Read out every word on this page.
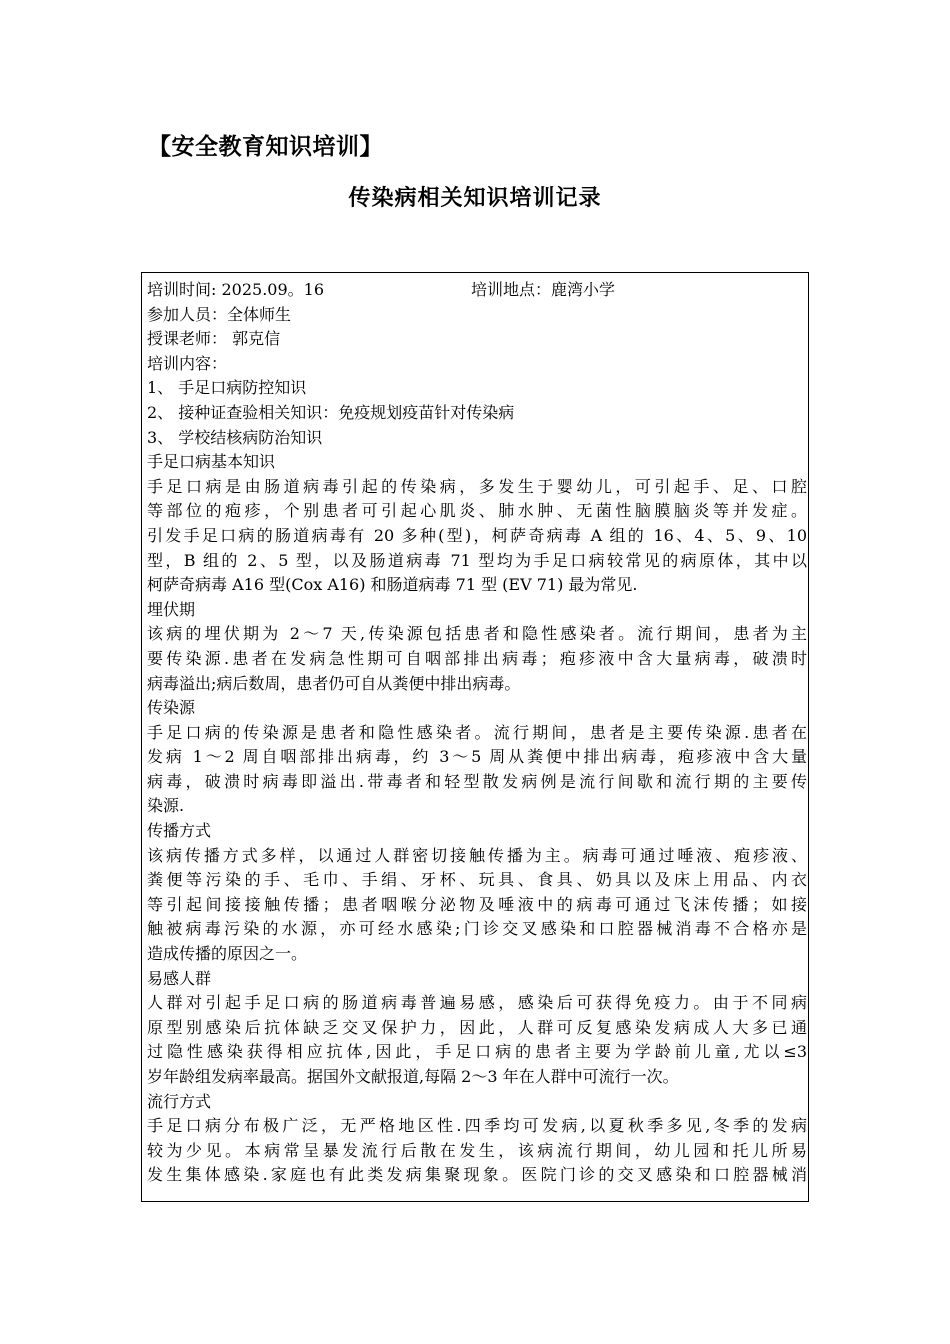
【安全教育知识培训】
传染病相关知识培训记录
培训时间: 2025.09。16	培训地点：鹿湾小学
参加人员：全体师生
授课老师： 郭克信
培训内容：
1、 手足口病防控知识
2、 接种证查验相关知识：免疫规划疫苗针对传染病
3、 学校结核病防治知识
手足口病基本知识
手足口病是由肠道病毒引起的传染病，多发生于婴幼儿，可引起手、足、口腔
等部位的疱疹，个别患者可引起心肌炎、肺水肿、无菌性脑膜脑炎等并发症。
引发手足口病的肠道病毒有 20 多种(型)，柯萨奇病毒 A 组的 16、4、5、9、10
型，B 组的 2、5 型，以及肠道病毒 71 型均为手足口病较常见的病原体，其中以
柯萨奇病毒 A16 型(Cox A16) 和肠道病毒 71 型 (EV 71) 最为常见.
埋伏期
该病的埋伏期为 2～7 天,传染源包括患者和隐性感染者。流行期间，患者为主
要传染源.患者在发病急性期可自咽部排出病毒；疱疹液中含大量病毒，破溃时
病毒溢出;病后数周，患者仍可自从粪便中排出病毒。
传染源
手足口病的传染源是患者和隐性感染者。流行期间，患者是主要传染源.患者在
发病 1～2 周自咽部排出病毒，约 3～5 周从粪便中排出病毒，疱疹液中含大量
病毒，破溃时病毒即溢出.带毒者和轻型散发病例是流行间歇和流行期的主要传
染源.
传播方式
该病传播方式多样，以通过人群密切接触传播为主。病毒可通过唾液、疱疹液、
粪便等污染的手、毛巾、手绢、牙杯、玩具、食具、奶具以及床上用品、内衣
等引起间接接触传播；患者咽喉分泌物及唾液中的病毒可通过飞沫传播；如接
触被病毒污染的水源，亦可经水感染;门诊交叉感染和口腔器械消毒不合格亦是
造成传播的原因之一。
易感人群
人群对引起手足口病的肠道病毒普遍易感，感染后可获得免疫力。由于不同病
原型别感染后抗体缺乏交叉保护力，因此，人群可反复感染发病成人大多已通
过隐性感染获得相应抗体,因此，手足口病的患者主要为学龄前儿童,尤以≤3
岁年龄组发病率最高。据国外文献报道,每隔 2～3 年在人群中可流行一次。
流行方式
手足口病分布极广泛，无严格地区性.四季均可发病,以夏秋季多见,冬季的发病
较为少见。本病常呈暴发流行后散在发生，该病流行期间，幼儿园和托儿所易
发生集体感染.家庭也有此类发病集聚现象。医院门诊的交叉感染和口腔器械消
